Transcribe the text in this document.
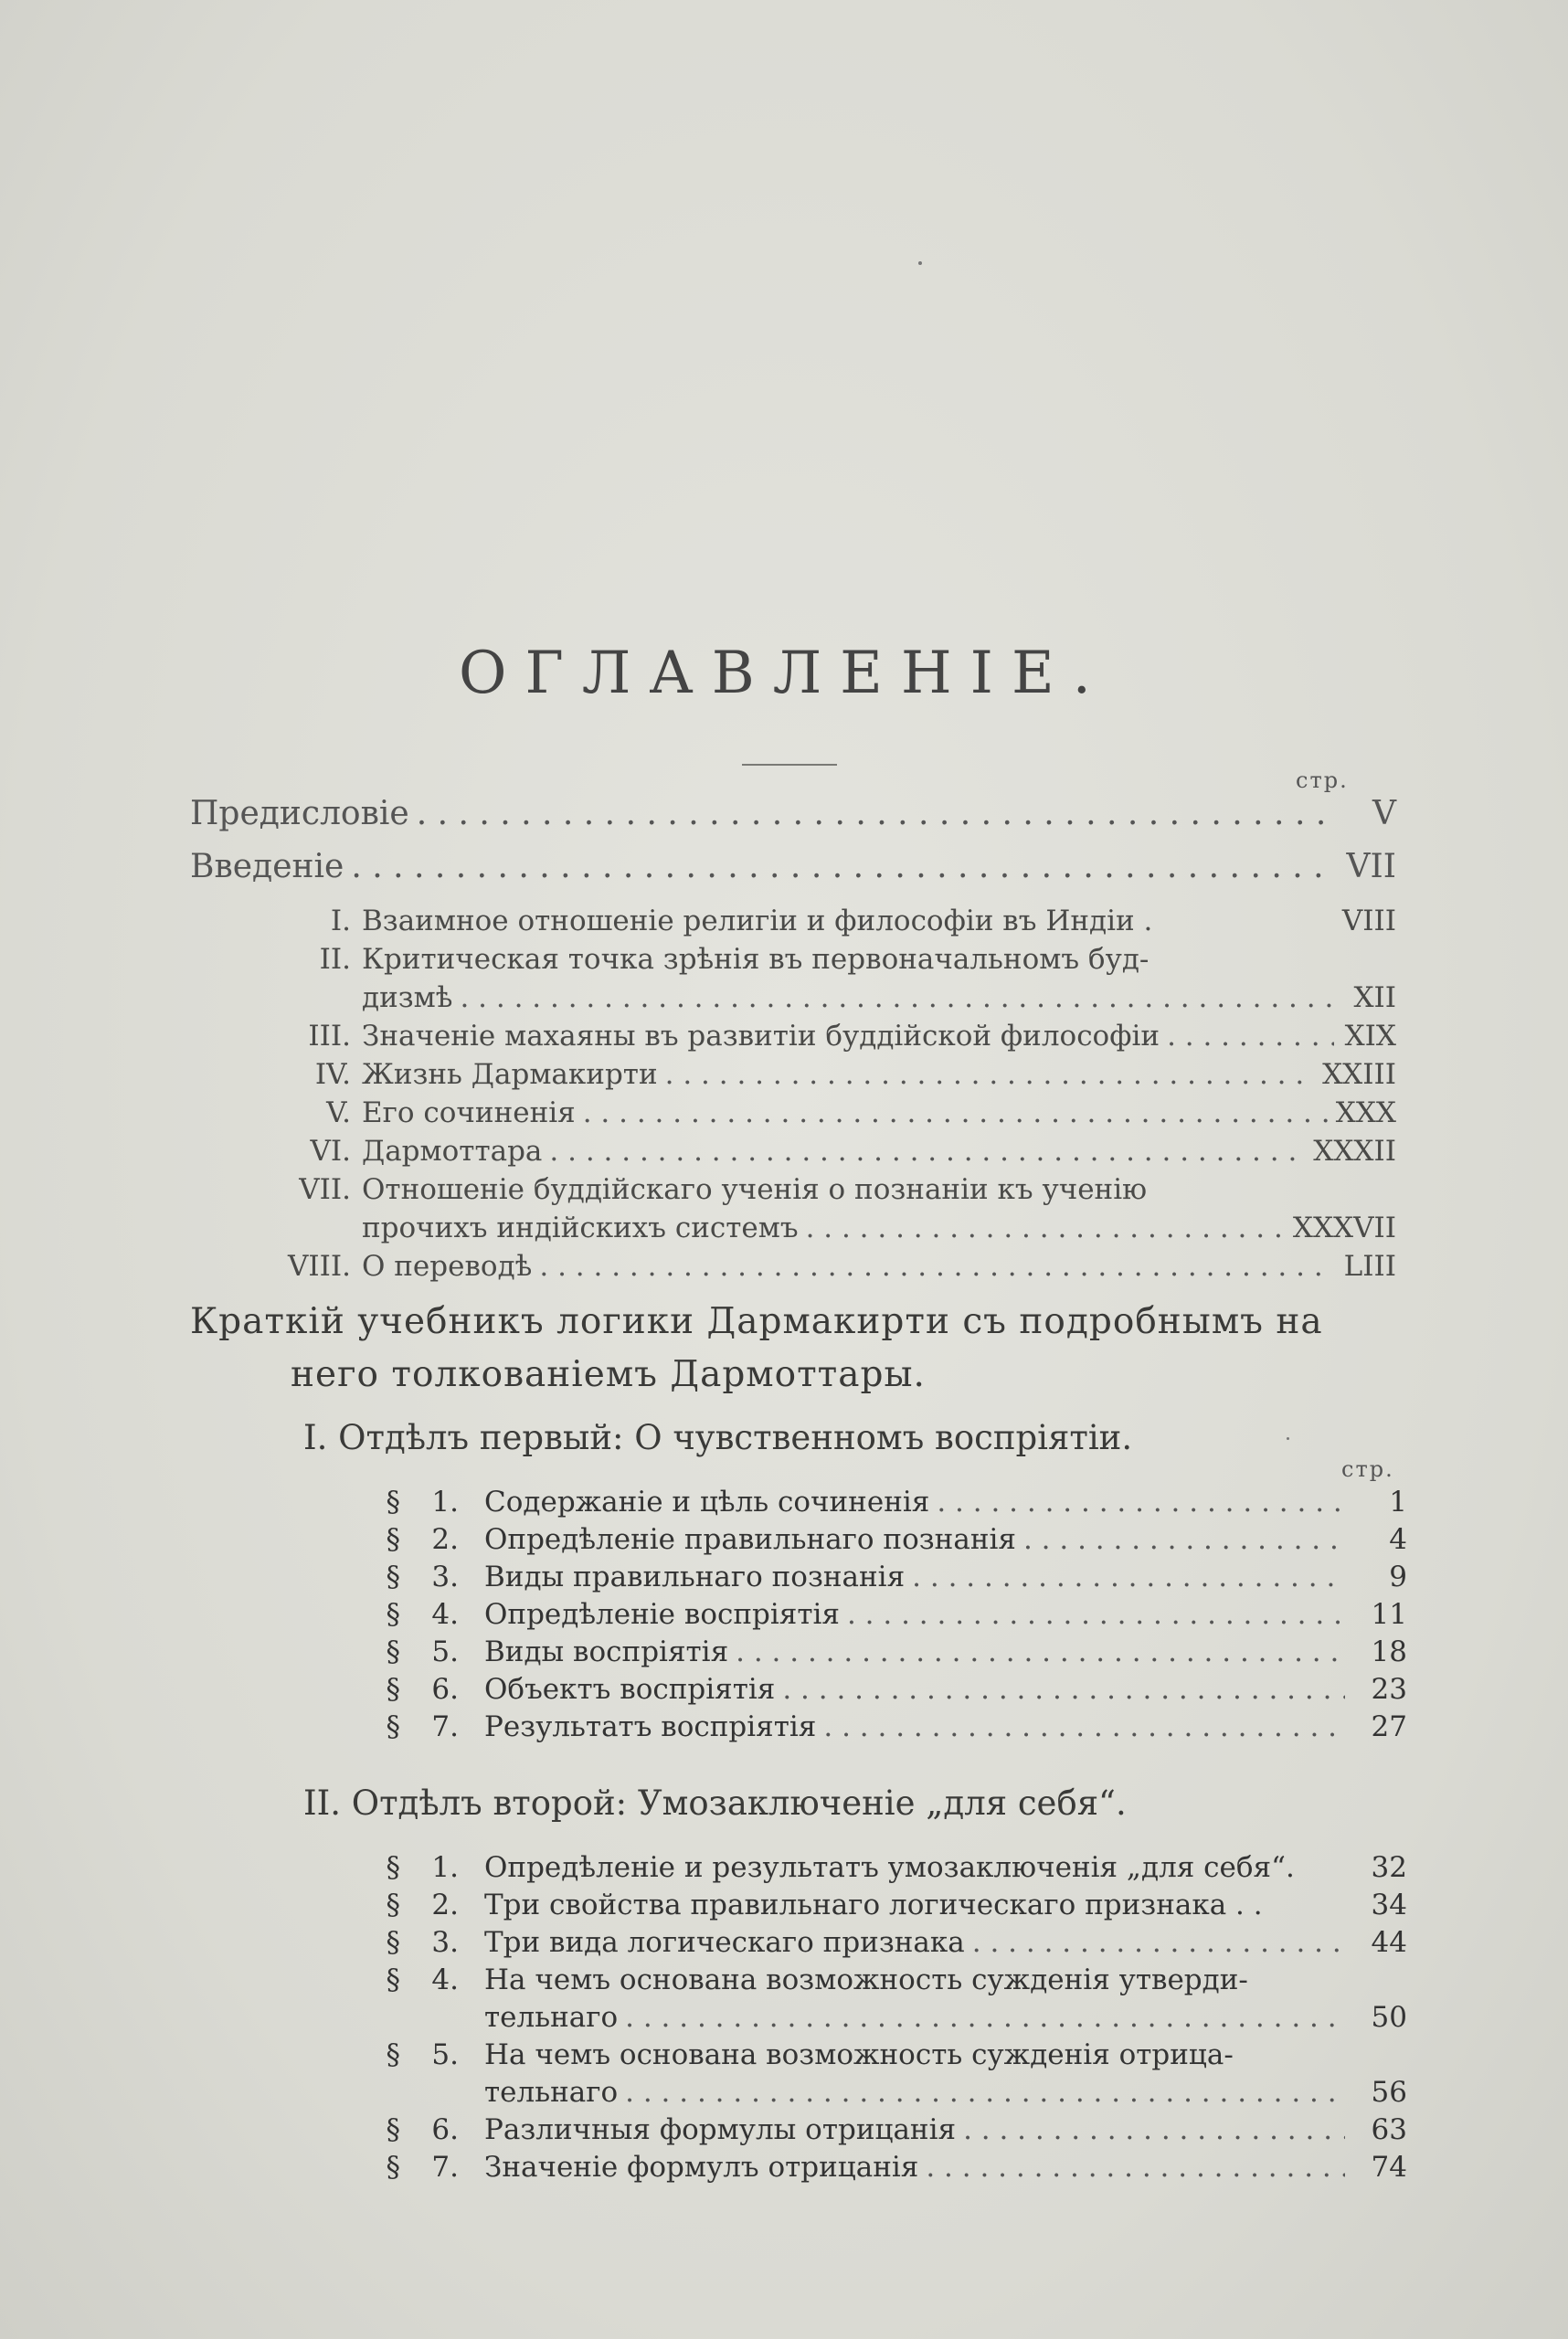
ОГЛАВЛЕНІЕ.
стр.
Предисловіе . . .	V
Введеніе . . .	VII
I. Взаимное отношеніе религіи и философіи въ Индіи .	VIII
II. Критическая точка зрѣнія въ первоначальномъ буд-
дизмѣ . . .	XII
III. Значеніе махаяны въ развитіи буддійской философіи . . .	XIX
IV. Жизнь Дармакирти . . .	XXIII
V. Его сочиненія . . .	XXX
VI. Дармоттара . . .	XXXII
VII. Отношеніе буддійскаго ученія о познаніи къ ученію
прочихъ индійскихъ системъ . . .	XXXVII
VIII. О переводѣ . . .	LIII
Краткій учебникъ логики Дармакирти съ подробнымъ на
него толкованіемъ Дармоттары.
I. Отдѣлъ первый: О чувственномъ воспріятіи.
стр.
§	1. Содержаніе и цѣль сочиненія . . .	1
§	2. Опредѣленіе правильнаго познанія . . .	4
§	3. Виды правильнаго познанія . . .	9
§	4. Опредѣленіе воспріятія . . .	11
§	5. Виды воспріятія . . .	18
§	6. Объектъ воспріятія . . .	23
§	7. Результатъ воспріятія . . .	27
II. Отдѣлъ второй: Умозаключеніе „для себя“.
§	1. Опредѣленіе и результатъ умозаключенія „для себя“.	32
§	2. Три свойства правильнаго логическаго признака . .	34
§	3. Три вида логическаго признака . . .	44
§	4. На чемъ основана возможность сужденія утверди-
тельнаго . . .	50
§	5. На чемъ основана возможность сужденія отрица-
тельнаго . . .	56
§	6. Различныя формулы отрицанія . . .	63
§	7. Значеніе формулъ отрицанія . . .	74
